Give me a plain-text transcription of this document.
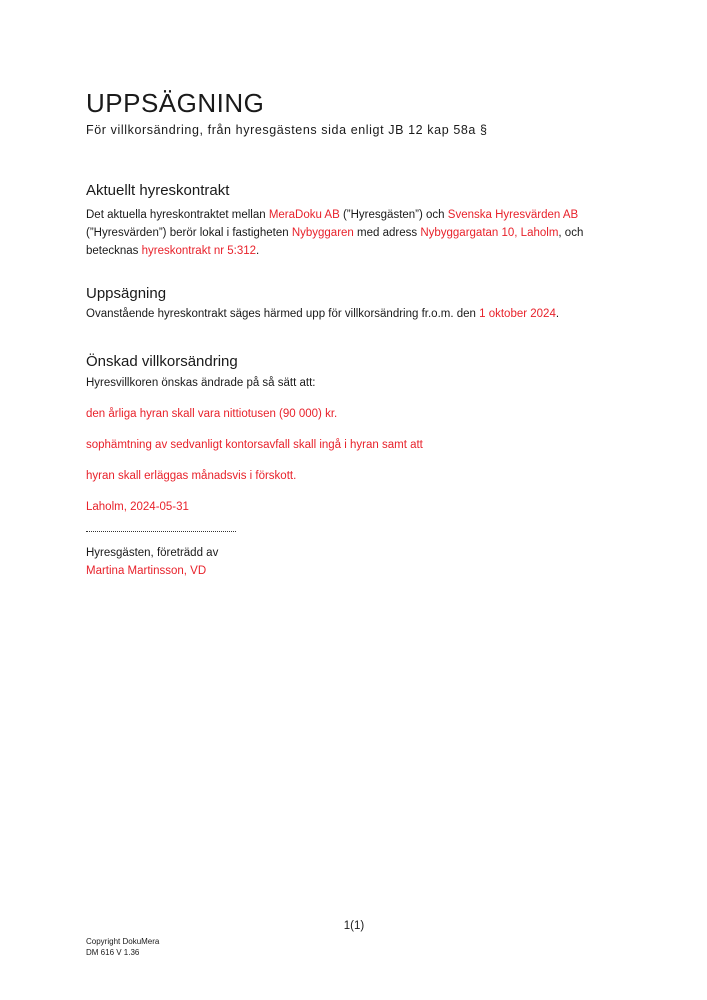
UPPSÄGNING
För villkorsändring, från hyresgästens sida enligt JB 12 kap 58a §
Aktuellt hyreskontrakt
Det aktuella hyreskontraktet mellan MeraDoku AB (”Hyresgästen”) och Svenska Hyresvärden AB
(”Hyresvärden”) berör lokal i fastigheten Nybyggaren med adress Nybyggargatan 10, Laholm, och
betecknas hyreskontrakt nr 5:312.
Uppsägning
Ovanstående hyreskontrakt säges härmed upp för villkorsändring fr.o.m. den 1 oktober 2024.
Önskad villkorsändring
Hyresvillkoren önskas ändrade på så sätt att:
den årliga hyran skall vara nittiotusen (90 000) kr.
sophämtning av sedvanligt kontorsavfall skall ingå i hyran samt att
hyran skall erläggas månadsvis i förskott.
Laholm, 2024-05-31
Hyresgästen, företrädd av
Martina Martinsson, VD
1(1)
Copyright DokuMera
DM 616 V 1.36
